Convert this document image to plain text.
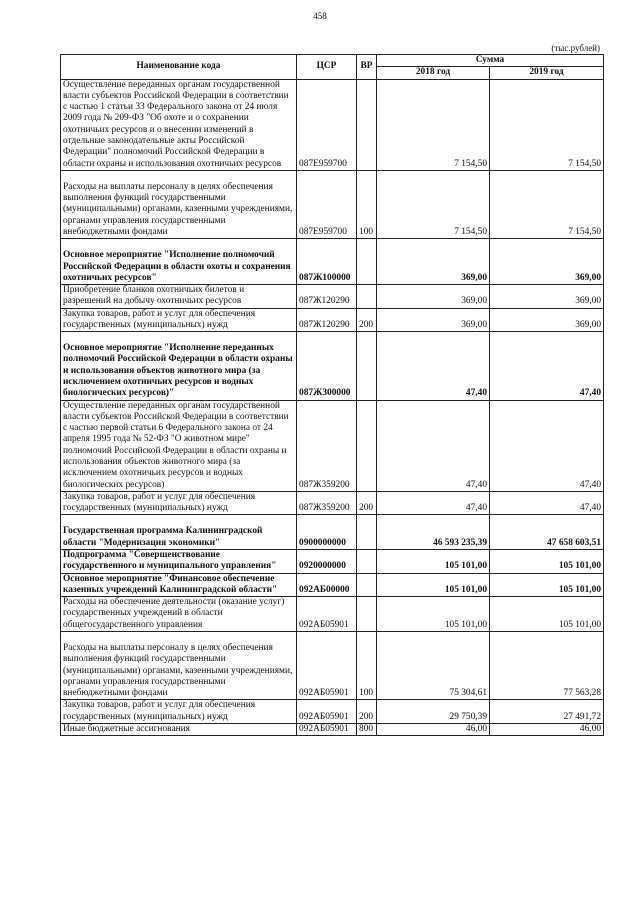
458
(тыс.рублей)
Наименование кода	ЦСР	ВР	Сумма	
			2018 год	2019 год
Осуществление переданных органам государственной власти субъектов Российской Федерации в соответствии с частью 1 статьи 33 Федерального закона от 24 июля 2009 года № 209-ФЗ "Об охоте и о сохранении охотничьих ресурсов и о внесении изменений в отдельные законодательные акты Российской Федерации" полномочий Российской Федерации в области охраны и использования охотничьих ресурсов	087Е959700		7 154,50	7 154,50

Расходы на выплаты персоналу в целях обеспечения выполнения функций государственными (муниципальными) органами, казенными учреждениями, органами управления государственными внебюджетными фондами	087Е959700	100	7 154,50	7 154,50

Основное мероприятие "Исполнение полномочий Российской Федерации в области охоты и сохранения охотничьих ресурсов"	087Ж100000		369,00	369,00
Приобретение бланков охотничьих билетов и разрешений на добычу охотничьих ресурсов	087Ж120290		369,00	369,00
Закупка товаров, работ и услуг для обеспечения государственных (муниципальных) нужд	087Ж120290	200	369,00	369,00

Основное мероприятие "Исполнение переданных полномочий Российской Федерации в области охраны и использования объектов животного мира (за исключением охотничьих ресурсов и водных биологических ресурсов)"	087Ж300000		47,40	47,40
Осуществление переданных органам государственной власти субъектов Российской Федерации в соответствии с частью первой статьи 6 Федерального закона от 24 апреля 1995 года № 52-ФЗ "О животном мире" полномочий Российской Федерации в области охраны и использования объектов животного мира (за исключением охотничьих ресурсов и водных биологических ресурсов)	087Ж359200		47,40	47,40
Закупка товаров, работ и услуг для обеспечения государственных (муниципальных) нужд	087Ж359200	200	47,40	47,40

Государственная программа Калининградской области "Модернизация экономики"	0900000000		46 593 235,39	47 658 603,51
Подпрограмма "Совершенствование государственного и муниципального управления"	0920000000		105 101,00	105 101,00
Основное мероприятие "Финансовое обеспечение казенных учреждений Калининградской области"	092АБ00000		105 101,00	105 101,00
Расходы на обеспечение деятельности (оказание услуг) государственных учреждений в области общегосударственного управления	092АБ05901		105 101,00	105 101,00

Расходы на выплаты персоналу в целях обеспечения выполнения функций государственными (муниципальными) органами, казенными учреждениями, органами управления государственными внебюджетными фондами	092АБ05901	100	75 304,61	77 563,28
Закупка товаров, работ и услуг для обеспечения государственных (муниципальных) нужд	092АБ05901	200	29 750,39	27 491,72
Иные бюджетные ассигнования	092АБ05901	800	46,00	46,00
